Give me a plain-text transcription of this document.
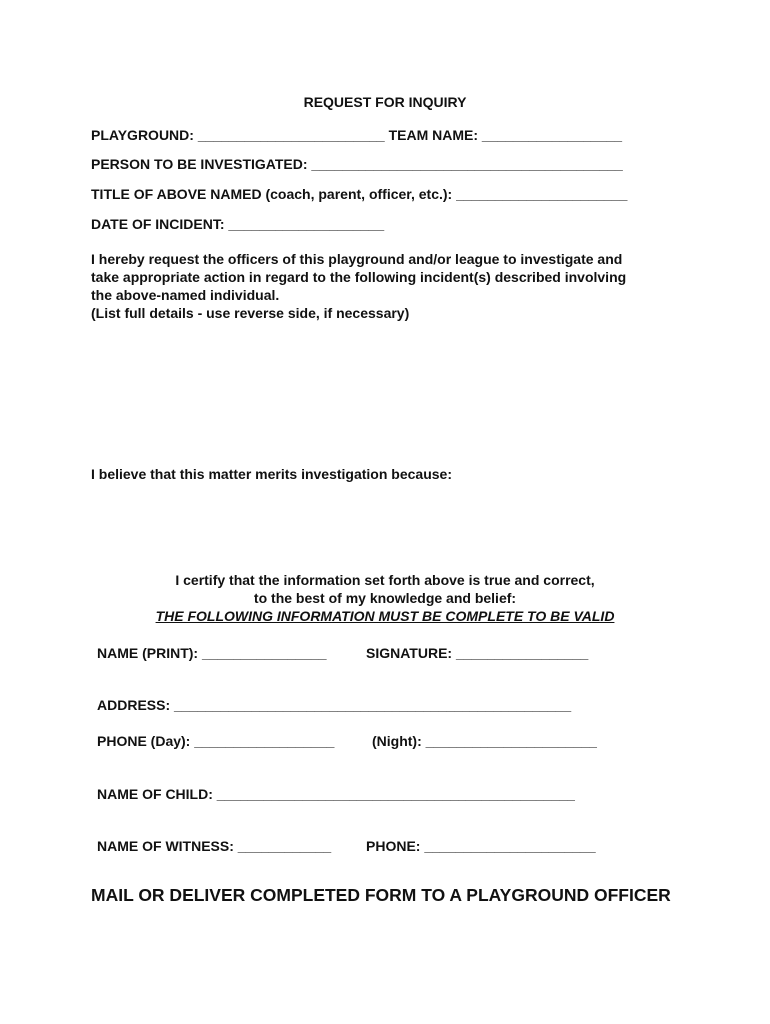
REQUEST FOR INQUIRY
PLAYGROUND: ________________________ TEAM NAME: __________________
PERSON TO BE INVESTIGATED: ________________________________________
TITLE OF ABOVE NAMED (coach, parent, officer, etc.): ______________________
DATE OF INCIDENT: ____________________
I hereby request the officers of this playground and/or league to investigate and
take appropriate action in regard to the following incident(s) described involving
the above-named individual.
(List full details - use reverse side, if necessary)
I believe that this matter merits investigation because:
I certify that the information set forth above is true and correct,
to the best of my knowledge and belief:
THE FOLLOWING INFORMATION MUST BE COMPLETE TO BE VALID
NAME (PRINT): ________________	SIGNATURE: _________________
ADDRESS: ___________________________________________________
PHONE (Day): __________________	(Night): ______________________
NAME OF CHILD: ______________________________________________
NAME OF WITNESS: ____________ PHONE: ______________________
MAIL OR DELIVER COMPLETED FORM TO A PLAYGROUND OFFICER
